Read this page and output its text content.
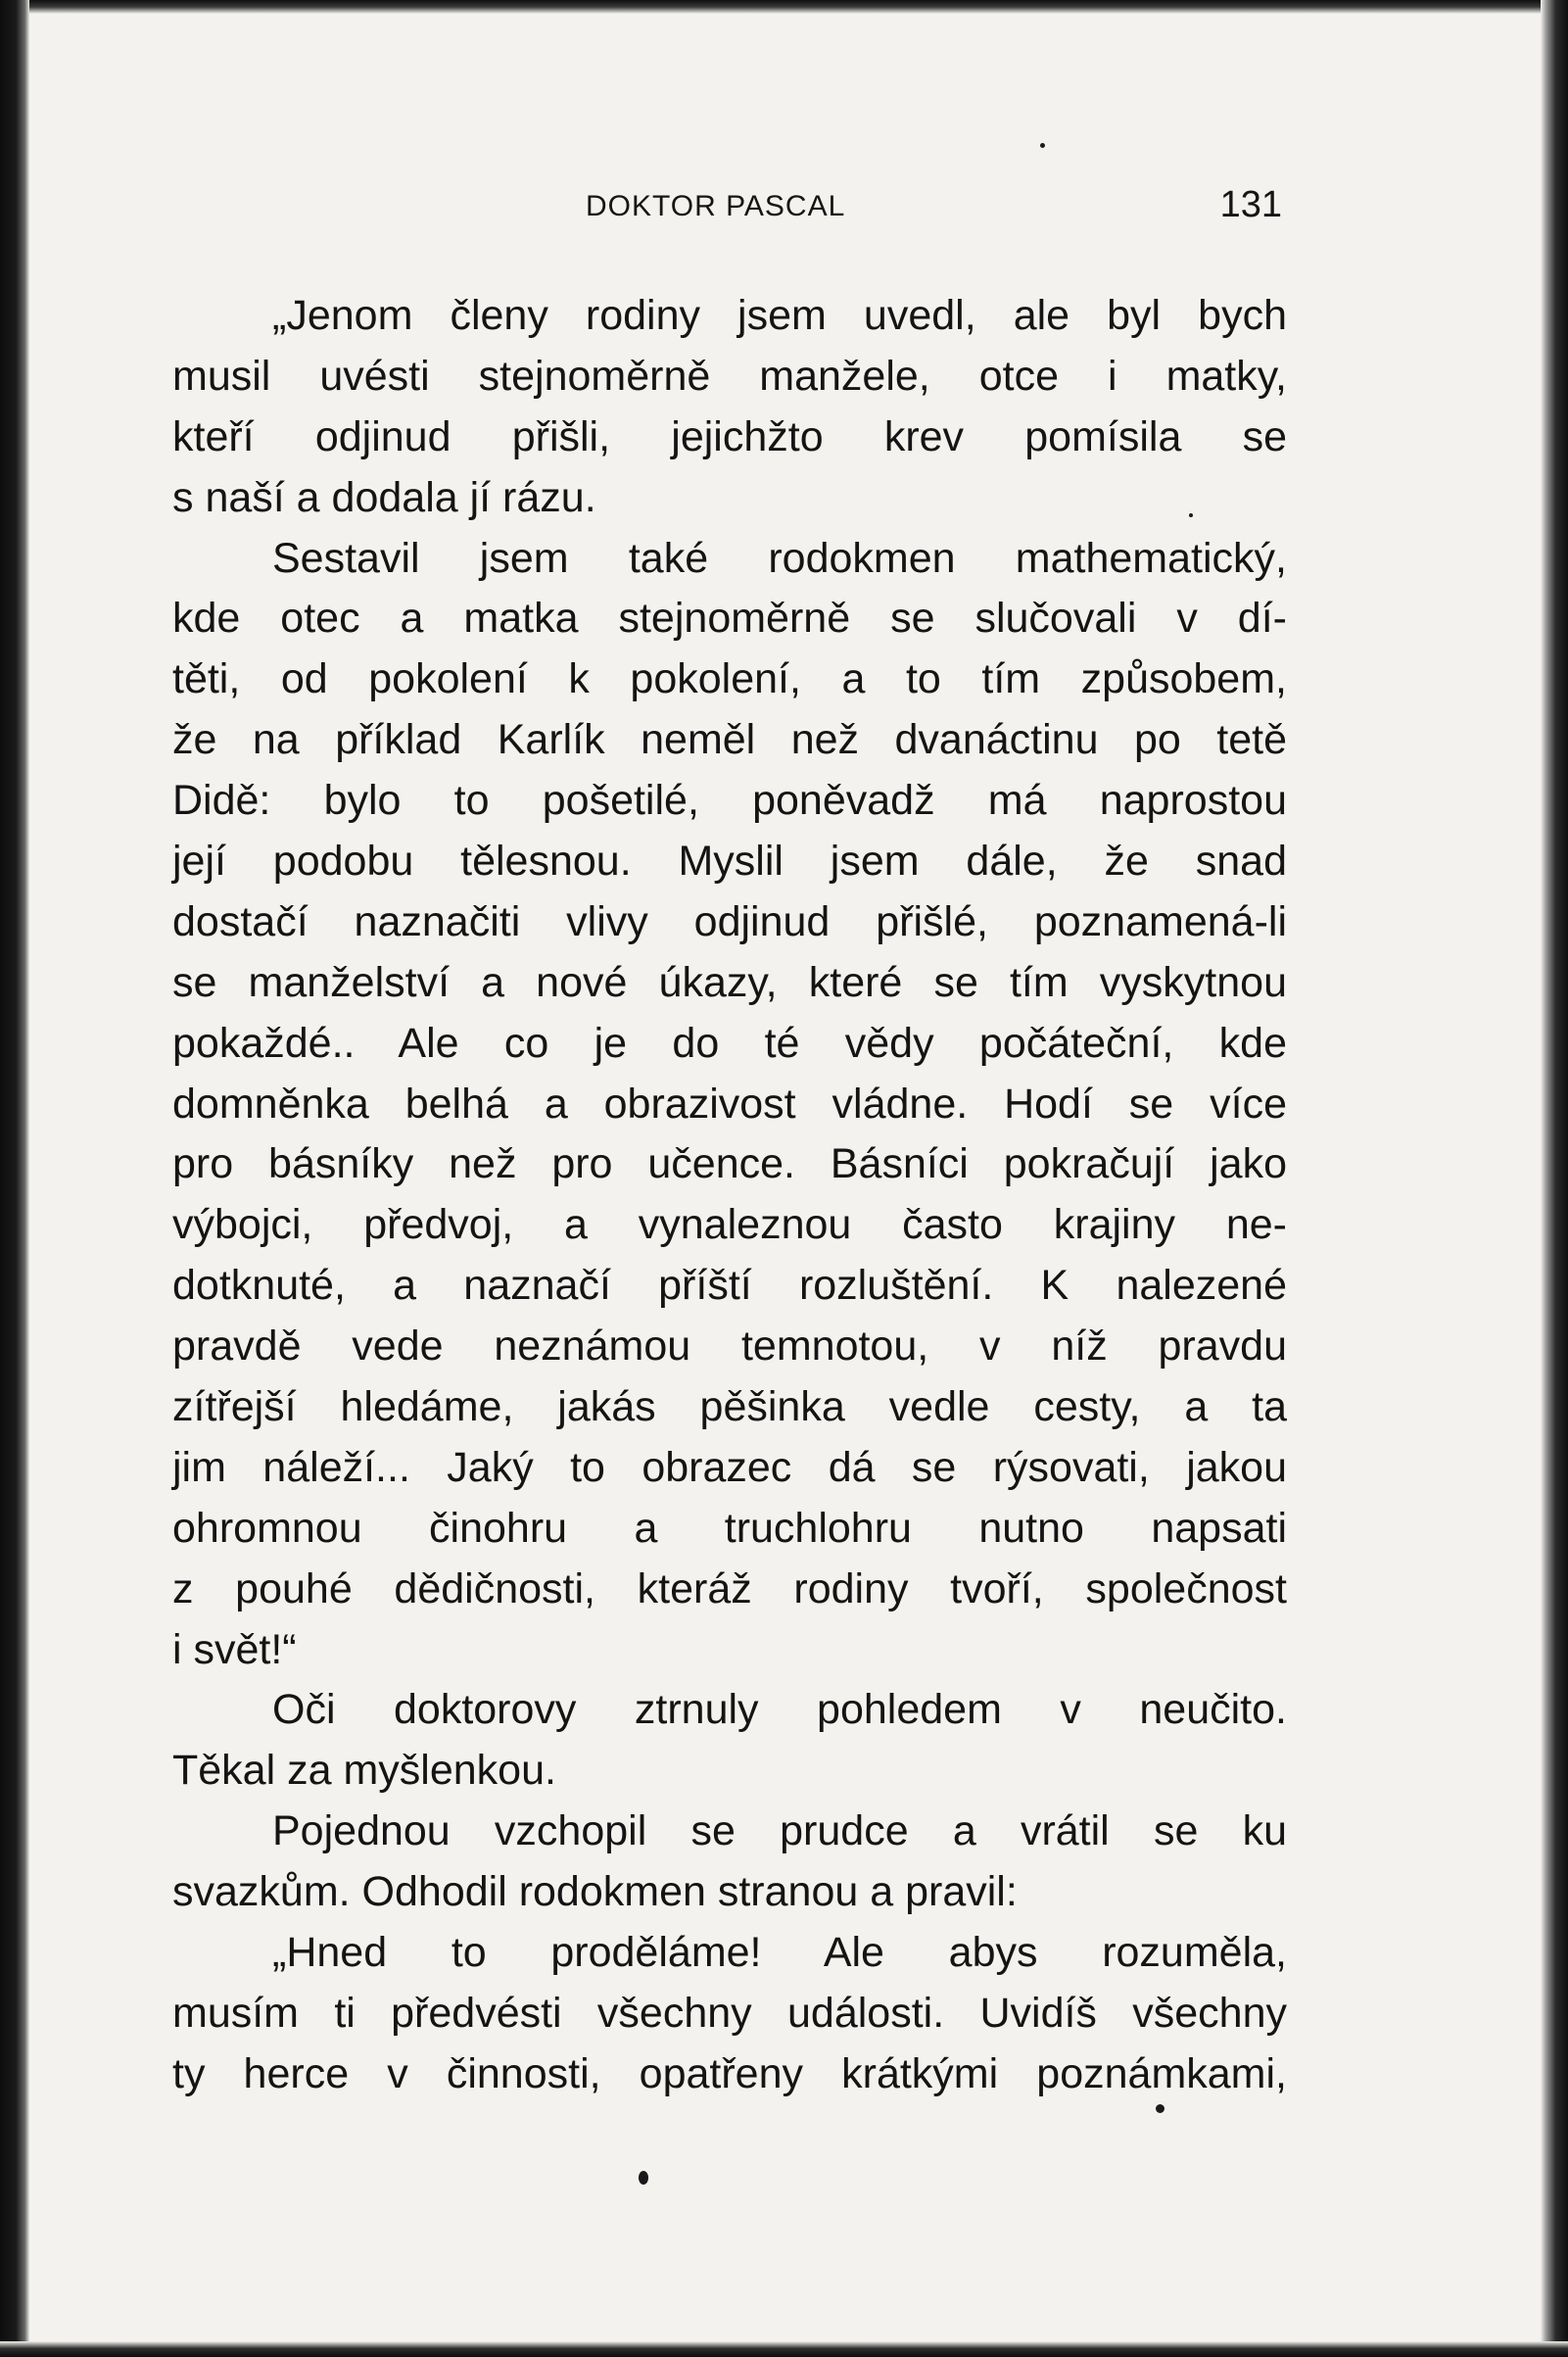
DOKTOR PASCAL	131
„Jenom členy rodiny jsem uvedl, ale byl bych
musil uvésti stejnoměrně manžele, otce i matky,
kteří odjinud přišli, jejichžto krev pomísila se
s naší a dodala jí rázu.
Sestavil jsem také rodokmen mathematický,
kde otec a matka stejnoměrně se slučovali v dí-
těti, od pokolení k pokolení, a to tím způsobem,
že na příklad Karlík neměl než dvanáctinu po tetě
Didě: bylo to pošetilé, poněvadž má naprostou
její podobu tělesnou. Myslil jsem dále, že snad
dostačí naznačiti vlivy odjinud přišlé, poznamená-li
se manželství a nové úkazy, které se tím vyskytnou
pokaždé.. Ale co je do té vědy počáteční, kde
domněnka belhá a obrazivost vládne. Hodí se více
pro básníky než pro učence. Básníci pokračují jako
výbojci, předvoj, a vynaleznou často krajiny ne-
dotknuté, a naznačí příští rozluštění. K nalezené
pravdě vede neznámou temnotou, v níž pravdu
zítřejší hledáme, jakás pěšinka vedle cesty, a ta
jim náleží... Jaký to obrazec dá se rýsovati, jakou
ohromnou činohru a truchlohru nutno napsati
z pouhé dědičnosti, kteráž rodiny tvoří, společnost
i svět!“
Oči doktorovy ztrnuly pohledem v neučito.
Těkal za myšlenkou.
Pojednou vzchopil se prudce a vrátil se ku
svazkům. Odhodil rodokmen stranou a pravil:
„Hned to proděláme! Ale abys rozuměla,
musím ti předvésti všechny události. Uvidíš všechny
ty herce v činnosti, opatřeny krátkými poznámkami,
